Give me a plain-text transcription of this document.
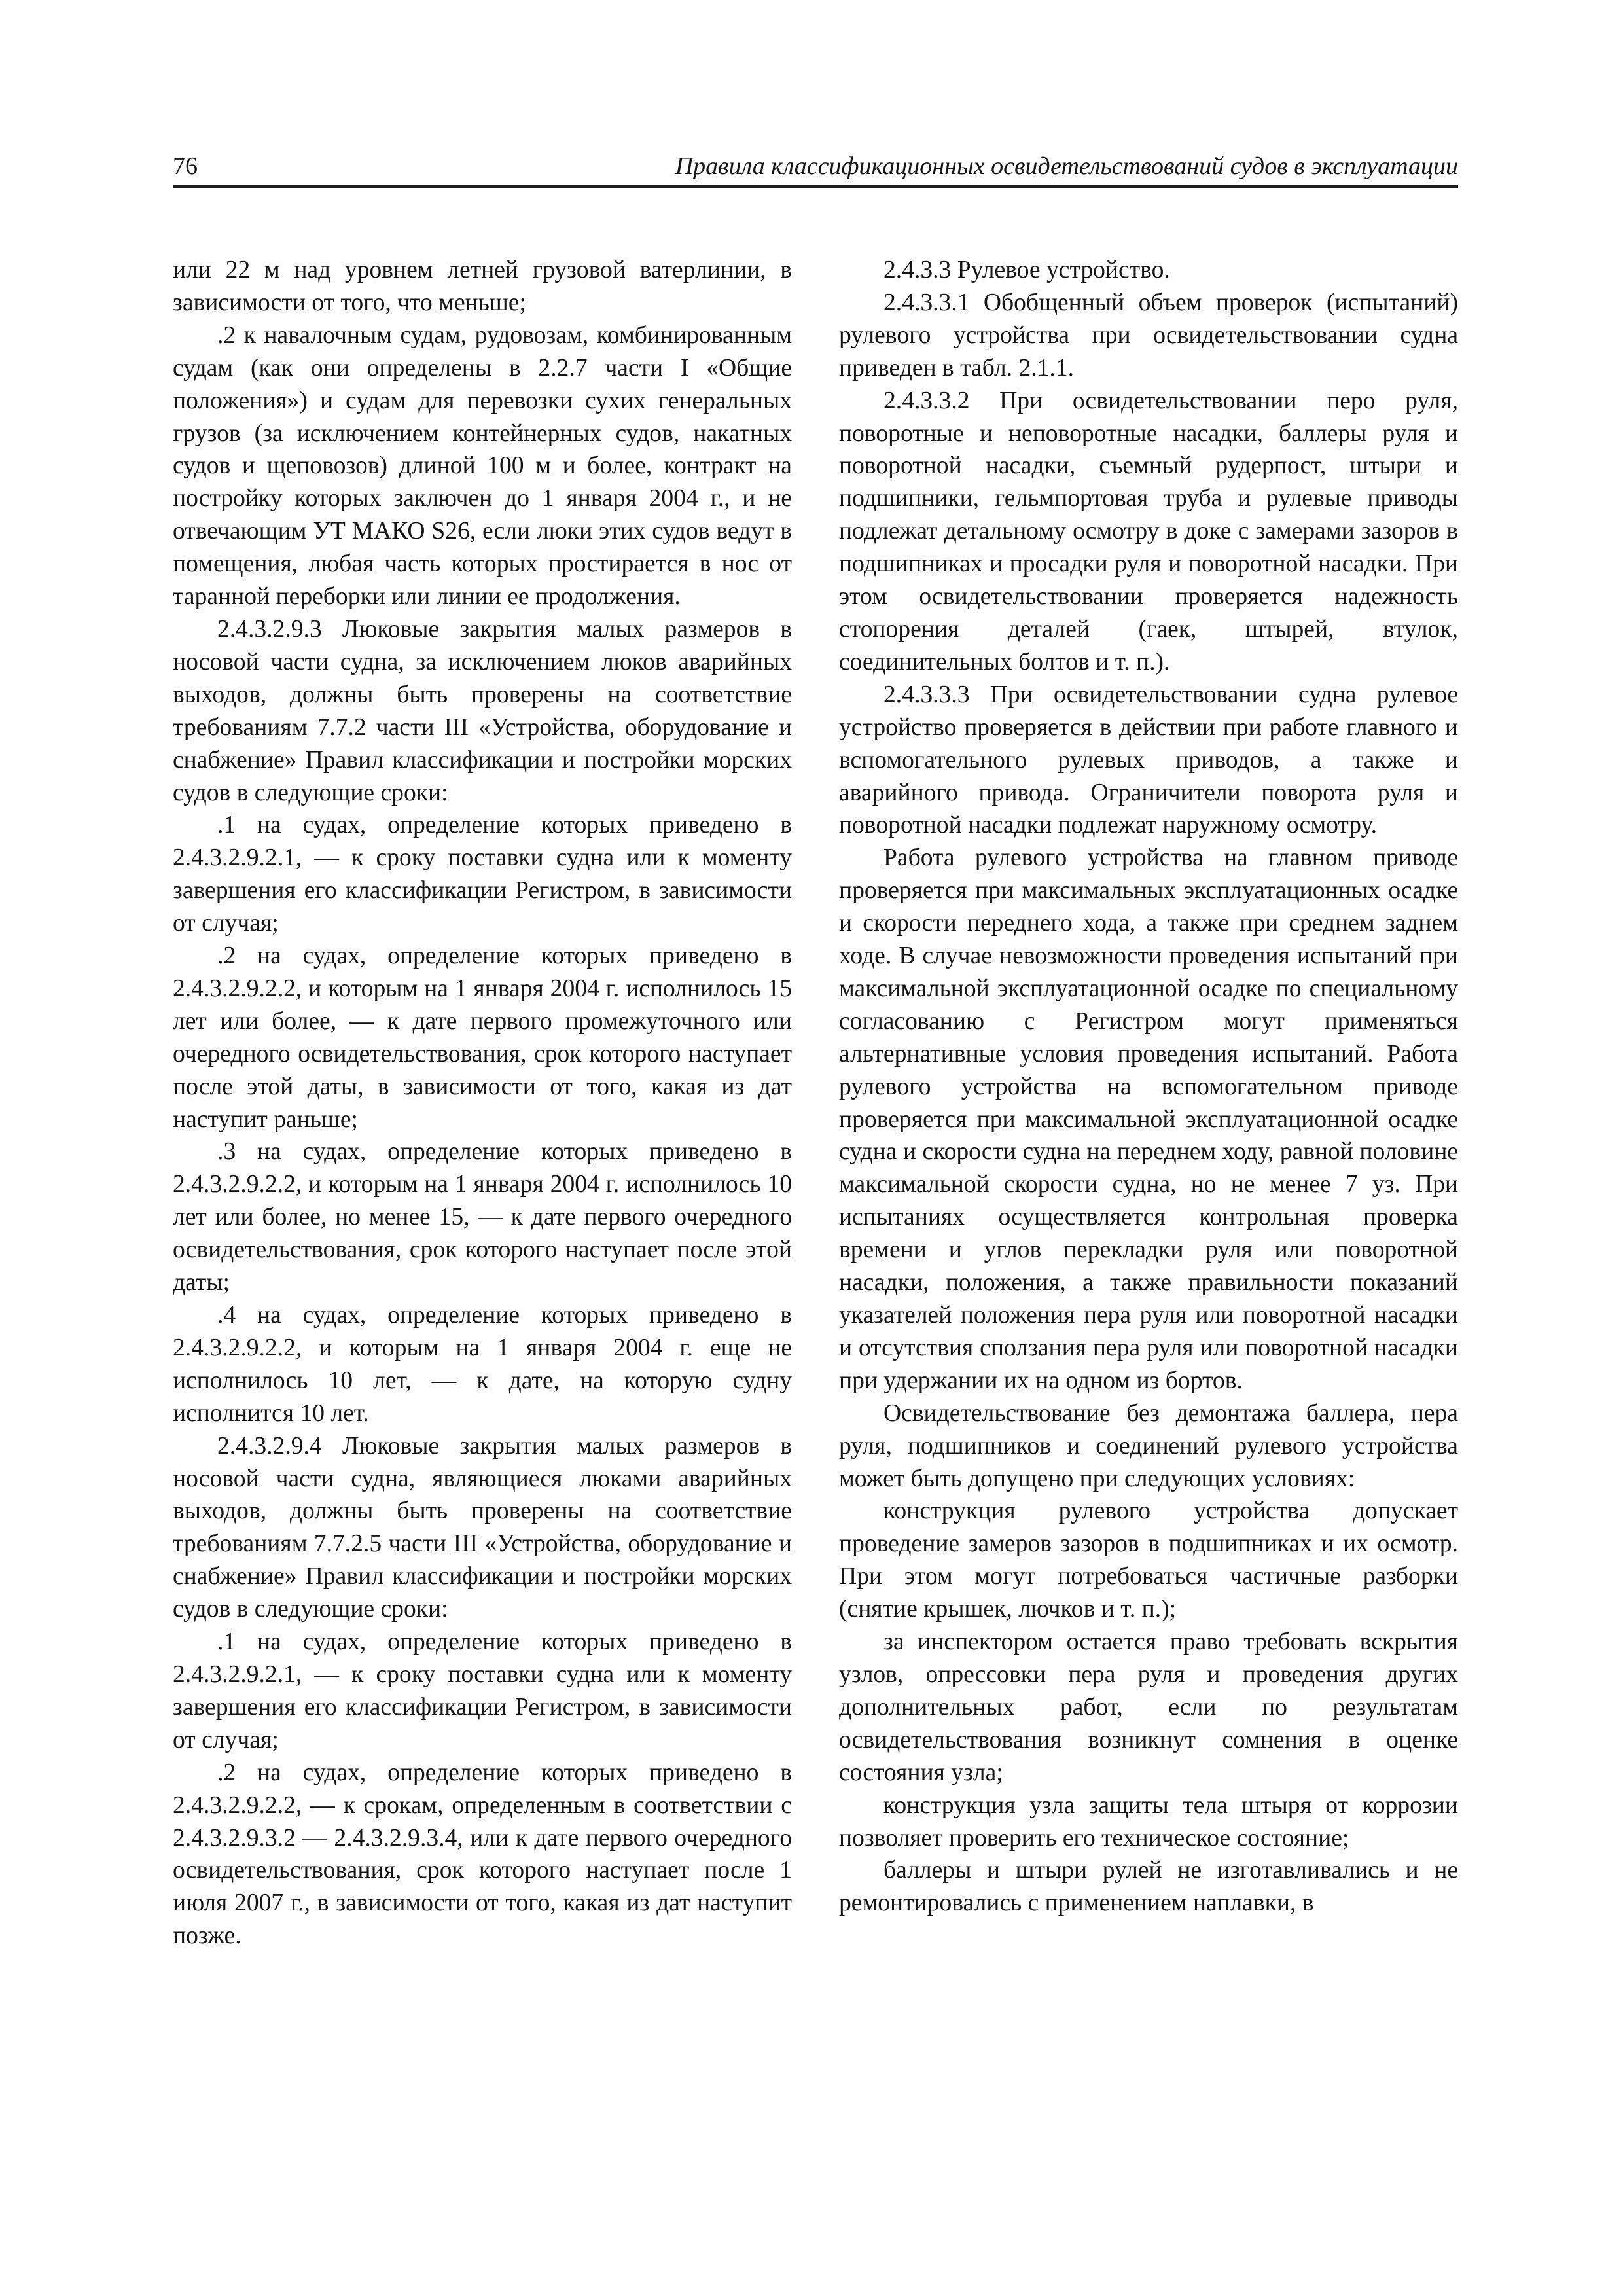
76	Правила классификационных освидетельствований судов в эксплуатации

или 22 м над уровнем летней грузовой ватерлинии, в зависимости от того, что меньше;

.2 к навалочным судам, рудовозам, комбинированным судам (как они определены в 2.2.7 части I «Общие положения») и судам для перевозки сухих генеральных грузов (за исключением контейнерных судов, накатных судов и щеповозов) длиной 100 м и более, контракт на постройку которых заключен до 1 января 2004 г., и не отвечающим УТ МАКО S26, если люки этих судов ведут в помещения, любая часть которых простирается в нос от таранной переборки или линии ее продолжения.

2.4.3.2.9.3 Люковые закрытия малых размеров в носовой части судна, за исключением люков аварийных выходов, должны быть проверены на соответствие требованиям 7.7.2 части III «Устройства, оборудование и снабжение» Правил классификации и постройки морских судов в следующие сроки:

.1 на судах, определение которых приведено в 2.4.3.2.9.2.1, — к сроку поставки судна или к моменту завершения его классификации Регистром, в зависимости от случая;

.2 на судах, определение которых приведено в 2.4.3.2.9.2.2, и которым на 1 января 2004 г. исполнилось 15 лет или более, — к дате первого промежуточного или очередного освидетельствования, срок которого наступает после этой даты, в зависимости от того, какая из дат наступит раньше;

.3 на судах, определение которых приведено в 2.4.3.2.9.2.2, и которым на 1 января 2004 г. исполнилось 10 лет или более, но менее 15, — к дате первого очередного освидетельствования, срок которого наступает после этой даты;

.4 на судах, определение которых приведено в 2.4.3.2.9.2.2, и которым на 1 января 2004 г. еще не исполнилось 10 лет, — к дате, на которую судну исполнится 10 лет.

2.4.3.2.9.4 Люковые закрытия малых размеров в носовой части судна, являющиеся люками аварийных выходов, должны быть проверены на соответствие требованиям 7.7.2.5 части III «Устройства, оборудование и снабжение» Правил классификации и постройки морских судов в следующие сроки:

.1 на судах, определение которых приведено в 2.4.3.2.9.2.1, — к сроку поставки судна или к моменту завершения его классификации Регистром, в зависимости от случая;

.2 на судах, определение которых приведено в 2.4.3.2.9.2.2, — к срокам, определенным в соответствии с 2.4.3.2.9.3.2 — 2.4.3.2.9.3.4, или к дате первого очередного освидетельствования, срок которого наступает после 1 июля 2007 г., в зависимости от того, какая из дат наступит позже.

2.4.3.3 Рулевое устройство.

2.4.3.3.1 Обобщенный объем проверок (испытаний) рулевого устройства при освидетельствовании судна приведен в табл. 2.1.1.

2.4.3.3.2 При освидетельствовании перо руля, поворотные и неповоротные насадки, баллеры руля и поворотной насадки, съемный рудерпост, штыри и подшипники, гельмпортовая труба и рулевые приводы подлежат детальному осмотру в доке с замерами зазоров в подшипниках и просадки руля и поворотной насадки. При этом освидетельствовании проверяется надежность стопорения деталей (гаек, штырей, втулок, соединительных болтов и т. п.).

2.4.3.3.3 При освидетельствовании судна рулевое устройство проверяется в действии при работе главного и вспомогательного рулевых приводов, а также и аварийного привода. Ограничители поворота руля и поворотной насадки подлежат наружному осмотру.

Работа рулевого устройства на главном приводе проверяется при максимальных эксплуатационных осадке и скорости переднего хода, а также при среднем заднем ходе. В случае невозможности проведения испытаний при максимальной эксплуатационной осадке по специальному согласованию с Регистром могут применяться альтернативные условия проведения испытаний. Работа рулевого устройства на вспомогательном приводе проверяется при максимальной эксплуатационной осадке судна и скорости судна на переднем ходу, равной половине максимальной скорости судна, но не менее 7 уз. При испытаниях осуществляется контрольная проверка времени и углов перекладки руля или поворотной насадки, положения, а также правильности показаний указателей положения пера руля или поворотной насадки и отсутствия сползания пера руля или поворотной насадки при удержании их на одном из бортов.

Освидетельствование без демонтажа баллера, пера руля, подшипников и соединений рулевого устройства может быть допущено при следующих условиях:

конструкция рулевого устройства допускает проведение замеров зазоров в подшипниках и их осмотр. При этом могут потребоваться частичные разборки (снятие крышек, лючков и т. п.);

за инспектором остается право требовать вскрытия узлов, опрессовки пера руля и проведения других дополнительных работ, если по результатам освидетельствования возникнут сомнения в оценке состояния узла;

конструкция узла защиты тела штыря от коррозии позволяет проверить его техническое состояние;

баллеры и штыри рулей не изготавливались и не ремонтировались с применением наплавки, в
